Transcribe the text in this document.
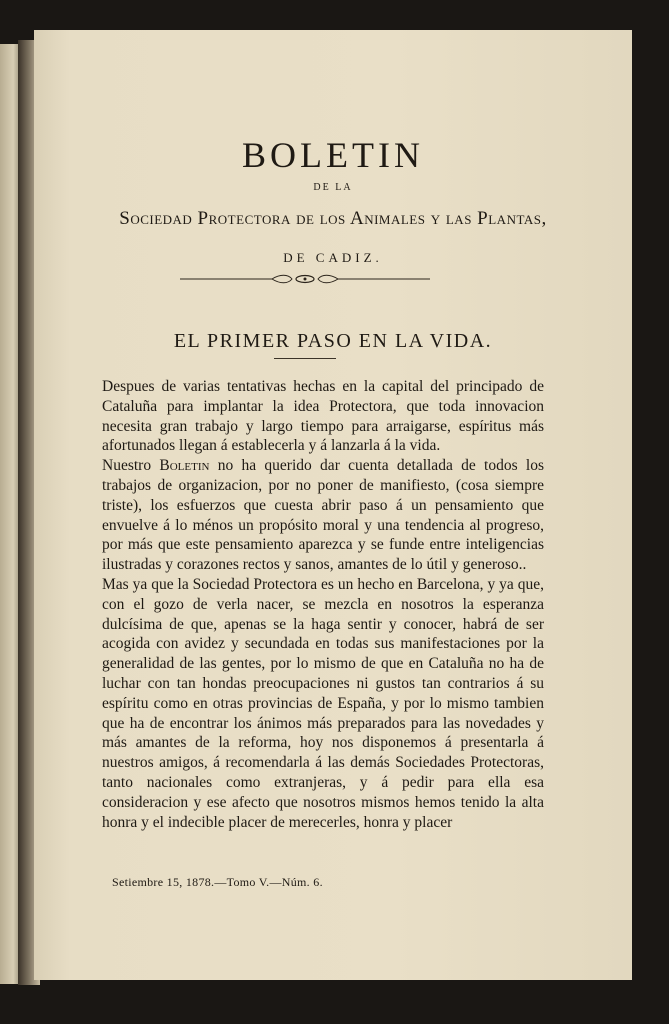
BOLETIN
DE LA
Sociedad Protectora de los Animales y las Plantas,
DE CADIZ.
EL PRIMER PASO EN LA VIDA.

Despues de varias tentativas hechas en la capital del principado de Cataluña para implantar la idea Protectora, que toda innovacion necesita gran trabajo y largo tiempo para arraigarse, espíritus más afortunados llegan á establecerla y á lanzarla á la vida.

Nuestro Boletin no ha querido dar cuenta detallada de todos los trabajos de organizacion, por no poner de manifiesto, (cosa siempre triste), los esfuerzos que cuesta abrir paso á un pensamiento que envuelve á lo ménos un propósito moral y una tendencia al progreso, por más que este pensamiento aparezca y se funde entre inteligencias ilustradas y corazones rectos y sanos, amantes de lo útil y generoso..

Mas ya que la Sociedad Protectora es un hecho en Barcelona, y ya que, con el gozo de verla nacer, se mezcla en nosotros la esperanza dulcísima de que, apenas se la haga sentir y conocer, habrá de ser acogida con avidez y secundada en todas sus manifestaciones por la generalidad de las gentes, por lo mismo de que en Cataluña no ha de luchar con tan hondas preocupaciones ni gustos tan contrarios á su espíritu como en otras provincias de España, y por lo mismo tambien que ha de encontrar los ánimos más preparados para las novedades y más amantes de la reforma, hoy nos disponemos á presentarla á nuestros amigos, á recomendarla á las demás Sociedades Protectoras, tanto nacionales como extranjeras, y á pedir para ella esa consideracion y ese afecto que nosotros mismos hemos tenido la alta honra y el indecible placer de merecerles, honra y placer

Setiembre 15, 1878.—Tomo V.—Núm. 6.
